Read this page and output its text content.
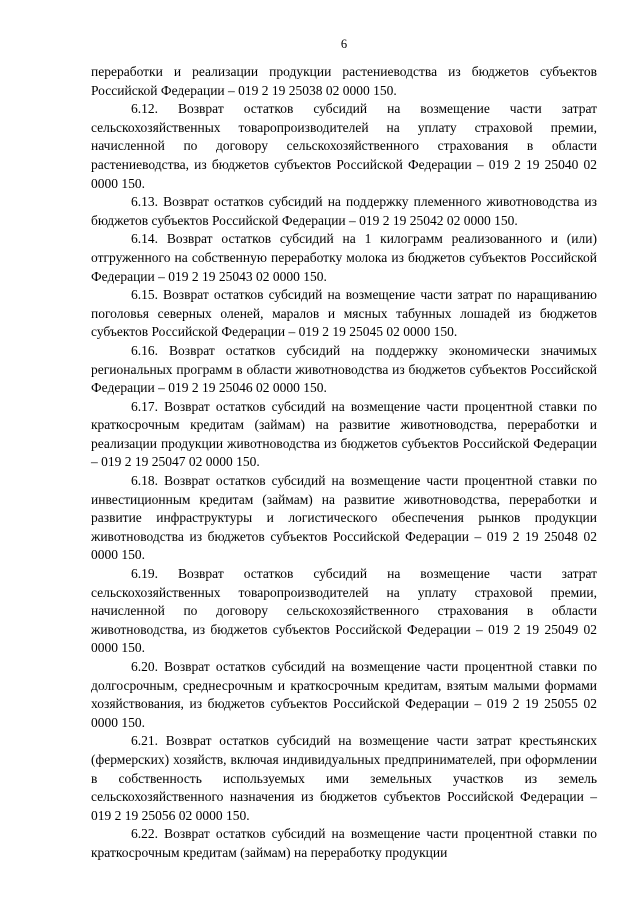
6

переработки и реализации продукции растениеводства из бюджетов субъектов Российской Федерации – 019 2 19 25038 02 0000 150.

6.12. Возврат остатков субсидий на возмещение части затрат сельскохозяйственных товаропроизводителей на уплату страховой премии, начисленной по договору сельскохозяйственного страхования в области растениеводства, из бюджетов субъектов Российской Федерации – 019 2 19 25040 02 0000 150.

6.13. Возврат остатков субсидий на поддержку племенного животноводства из бюджетов субъектов Российской Федерации – 019 2 19 25042 02 0000 150.

6.14. Возврат остатков субсидий на 1 килограмм реализованного и (или) отгруженного на собственную переработку молока из бюджетов субъектов Российской Федерации – 019 2 19 25043 02 0000 150.

6.15. Возврат остатков субсидий на возмещение части затрат по наращиванию поголовья северных оленей, маралов и мясных табунных лошадей из бюджетов субъектов Российской Федерации – 019 2 19 25045 02 0000 150.

6.16. Возврат остатков субсидий на поддержку экономически значимых региональных программ в области животноводства из бюджетов субъектов Российской Федерации – 019 2 19 25046 02 0000 150.

6.17. Возврат остатков субсидий на возмещение части процентной ставки по краткосрочным кредитам (займам) на развитие животноводства, переработки и реализации продукции животноводства из бюджетов субъектов Российской Федерации – 019 2 19 25047 02 0000 150.

6.18. Возврат остатков субсидий на возмещение части процентной ставки по инвестиционным кредитам (займам) на развитие животноводства, переработки и развитие инфраструктуры и логистического обеспечения рынков продукции животноводства из бюджетов субъектов Российской Федерации – 019 2 19 25048 02 0000 150.

6.19. Возврат остатков субсидий на возмещение части затрат сельскохозяйственных товаропроизводителей на уплату страховой премии, начисленной по договору сельскохозяйственного страхования в области животноводства, из бюджетов субъектов Российской Федерации – 019 2 19 25049 02 0000 150.

6.20. Возврат остатков субсидий на возмещение части процентной ставки по долгосрочным, среднесрочным и краткосрочным кредитам, взятым малыми формами хозяйствования, из бюджетов субъектов Российской Федерации – 019 2 19 25055 02 0000 150.

6.21. Возврат остатков субсидий на возмещение части затрат крестьянских (фермерских) хозяйств, включая индивидуальных предпринимателей, при оформлении в собственность используемых ими земельных участков из земель сельскохозяйственного назначения из бюджетов субъектов Российской Федерации – 019 2 19 25056 02 0000 150.

6.22. Возврат остатков субсидий на возмещение части процентной ставки по краткосрочным кредитам (займам) на переработку продукции
